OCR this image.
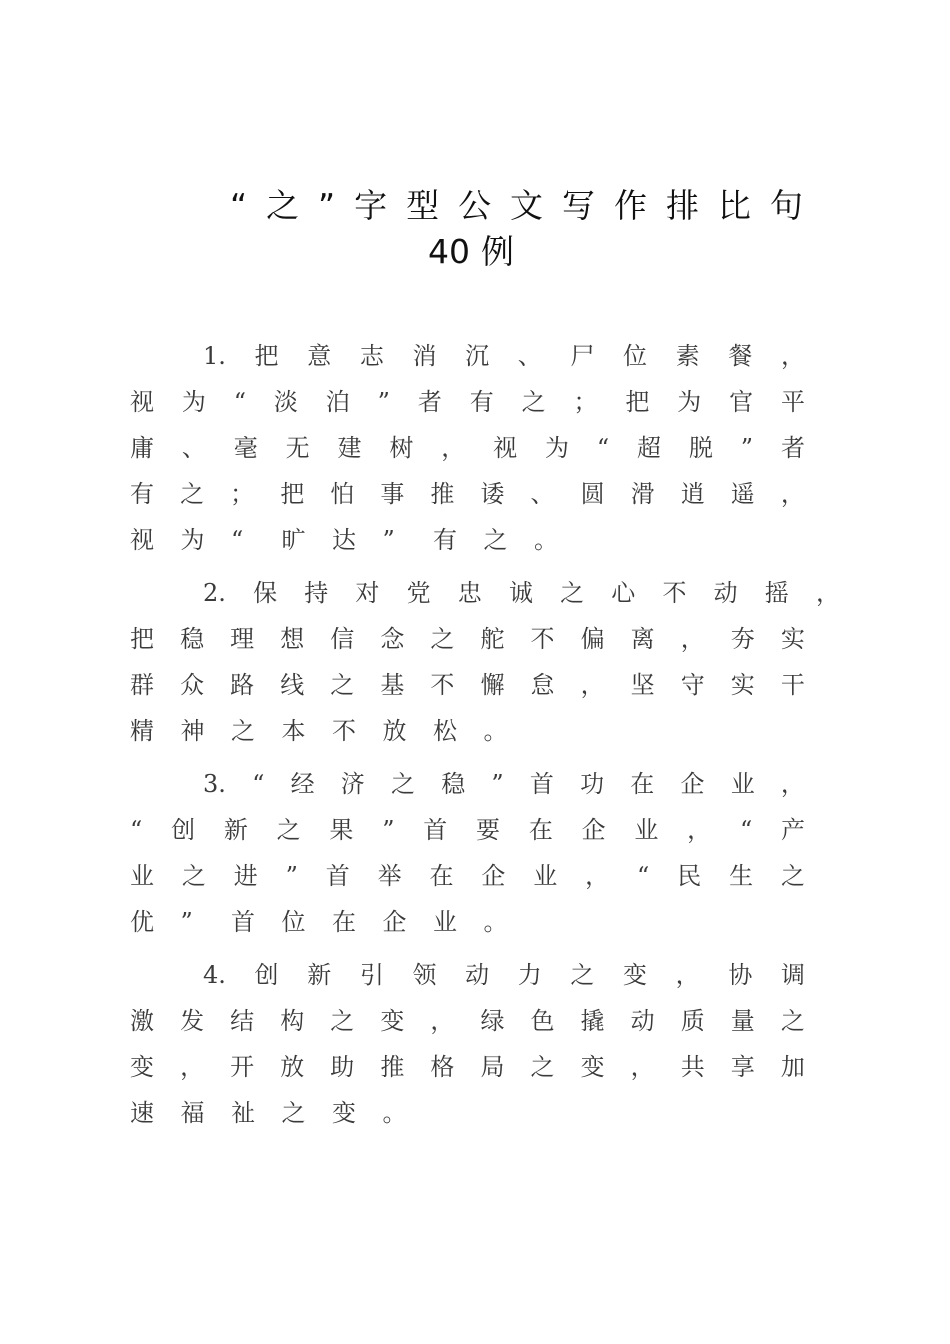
“ 之 ” 字 型 公 文 写 作 排 比 句
40 例
1. 把 意 志 消 沉 、 尸 位 素 餐 ，
视 为 “ 淡 泊 ” 者 有 之 ； 把 为 官 平
庸 、 毫 无 建 树 ， 视 为 “ 超 脱 ” 者
有 之 ； 把 怕 事 推 诿 、 圆 滑 逍 遥 ，
视	为	“	旷	达	”	有	之	。
2. 保 持 对 党 忠 诚 之 心 不 动 摇 ，
把 稳 理 想 信 念 之 舵 不 偏 离 ， 夯 实
群 众 路 线 之 基 不 懈 怠 ， 坚 守 实 干
精	神	之	本	不	放	松	。
3. “ 经 济 之 稳 ” 首 功 在 企 业 ，
“ 创 新 之 果 ” 首 要 在 企 业 ， “ 产
业 之 进 ” 首 举 在 企 业 ， “ 民 生 之
优	”	首	位	在	企	业	。
4. 创 新 引 领 动 力 之 变 ， 协 调
激 发 结 构 之 变 ， 绿 色 撬 动 质 量 之
变 ， 开 放 助 推 格 局 之 变 ， 共 享 加
速	福	祉	之	变	。
